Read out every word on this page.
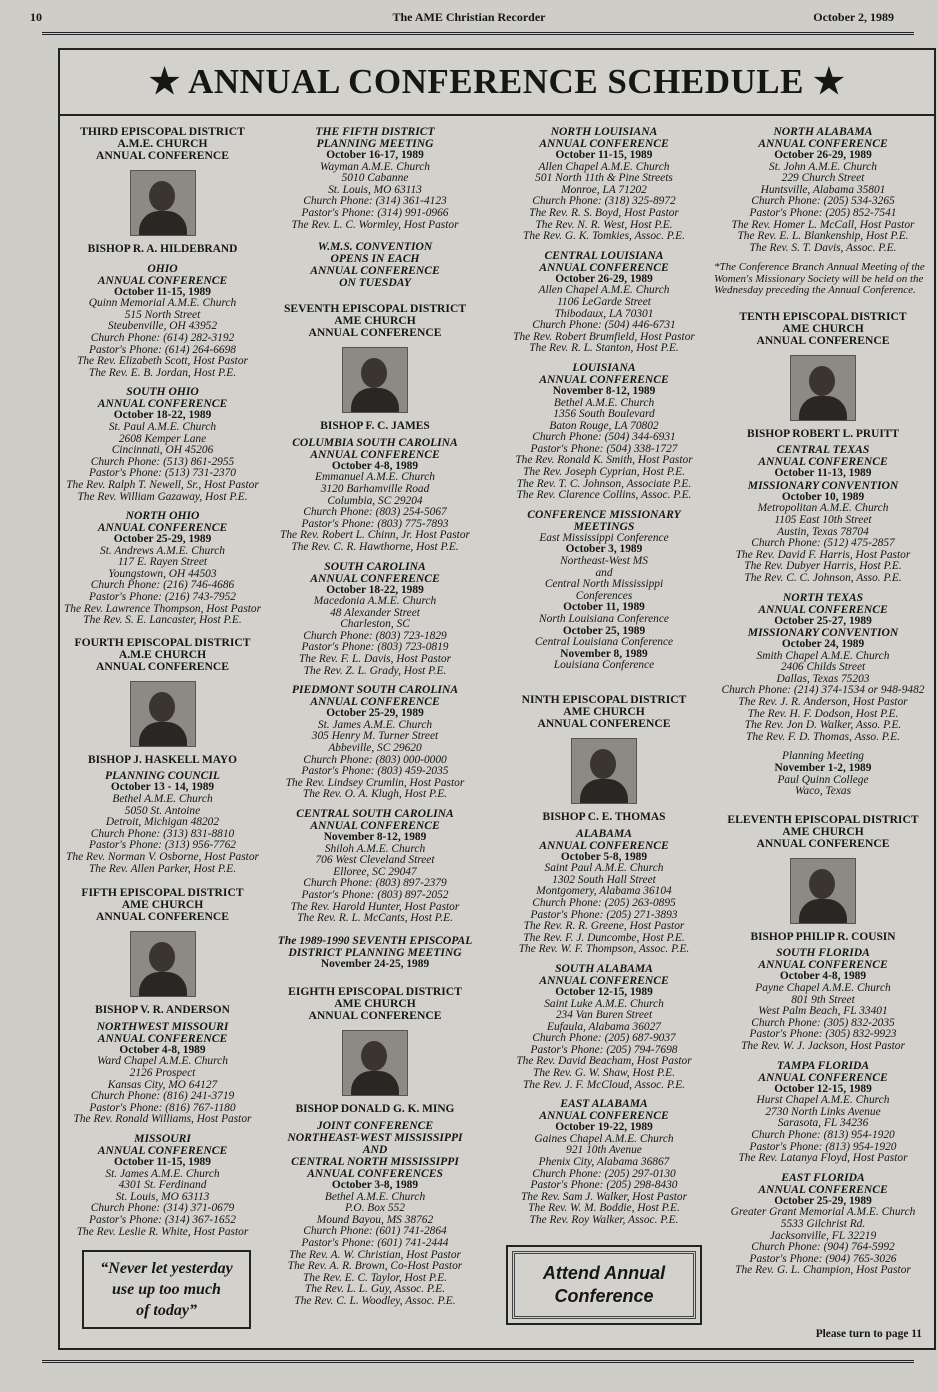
10	The AME Christian Recorder	October 2, 1989
★ ANNUAL CONFERENCE SCHEDULE ★
THIRD EPISCOPAL DISTRICT
A.M.E. CHURCH
ANNUAL CONFERENCE
BISHOP R. A. HILDEBRAND
OHIO
ANNUAL CONFERENCE
October 11-15, 1989
Quinn Memorial A.M.E. Church
515 North Street
Steubenville, OH 43952
Church Phone: (614) 282-3192
Pastor's Phone: (614) 264-6698
The Rev. Elizabeth Scott, Host Pastor
The Rev. E. B. Jordan, Host P.E.
SOUTH OHIO
ANNUAL CONFERENCE
October 18-22, 1989
St. Paul A.M.E. Church
2608 Kemper Lane
Cincinnati, OH 45206
Church Phone: (513) 861-2955
Pastor's Phone: (513) 731-2370
The Rev. Ralph T. Newell, Sr., Host Pastor
The Rev. William Gazaway, Host P.E.
NORTH OHIO
ANNUAL CONFERENCE
October 25-29, 1989
St. Andrews A.M.E. Church
117 E. Rayen Street
Youngstown, OH 44503
Church Phone: (216) 746-4686
Pastor's Phone: (216) 743-7952
The Rev. Lawrence Thompson, Host Pastor
The Rev. S. E. Lancaster, Host P.E.
FOURTH EPISCOPAL DISTRICT
A.M.E CHURCH
ANNUAL CONFERENCE
BISHOP J. HASKELL MAYO
PLANNING COUNCIL
October 13 - 14, 1989
Bethel A.M.E. Church
5050 St. Antoine
Detroit, Michigan 48202
Church Phone: (313) 831-8810
Pastor's Phone: (313) 956-7762
The Rev. Norman V. Osborne, Host Pastor
The Rev. Allen Parker, Host P.E.
FIFTH EPISCOPAL DISTRICT
AME CHURCH
ANNUAL CONFERENCE
BISHOP V. R. ANDERSON
NORTHWEST MISSOURI
ANNUAL CONFERENCE
October 4-8, 1989
Ward Chapel A.M.E. Church
2126 Prospect
Kansas City, MO 64127
Church Phone: (816) 241-3719
Pastor's Phone: (816) 767-1180
The Rev. Ronald Williams, Host Pastor
MISSOURI
ANNUAL CONFERENCE
October 11-15, 1989
St. James A.M.E. Church
4301 St. Ferdinand
St. Louis, MO 63113
Church Phone: (314) 371-0679
Pastor's Phone: (314) 367-1652
The Rev. Leslie R. White, Host Pastor
“Never let yesterday
use up too much
of today”
THE FIFTH DISTRICT
PLANNING MEETING
October 16-17, 1989
Wayman A.M.E. Church
5010 Cabanne
St. Louis, MO 63113
Church Phone: (314) 361-4123
Pastor's Phone: (314) 991-0966
The Rev. L. C. Wormley, Host Pastor
W.M.S. CONVENTION
OPENS IN EACH
ANNUAL CONFERENCE
ON TUESDAY
SEVENTH EPISCOPAL DISTRICT
AME CHURCH
ANNUAL CONFERENCE
BISHOP F. C. JAMES
COLUMBIA SOUTH CAROLINA
ANNUAL CONFERENCE
October 4-8, 1989
Emmanuel A.M.E. Church
3120 Barhamville Road
Columbia, SC 29204
Church Phone: (803) 254-5067
Pastor's Phone: (803) 775-7893
The Rev. Robert L. Chinn, Jr. Host Pastor
The Rev. C. R. Hawthorne, Host P.E.
SOUTH CAROLINA
ANNUAL CONFERENCE
October 18-22, 1989
Macedonia A.M.E. Church
48 Alexander Street
Charleston, SC
Church Phone: (803) 723-1829
Pastor's Phone: (803) 723-0819
The Rev. F. L. Davis, Host Pastor
The Rev. Z. L. Grady, Host P.E.
PIEDMONT SOUTH CAROLINA
ANNUAL CONFERENCE
October 25-29, 1989
St. James A.M.E. Church
305 Henry M. Turner Street
Abbeville, SC 29620
Church Phone: (803) 000-0000
Pastor's Phone: (803) 459-2035
The Rev. Lindsey Crumlin, Host Pastor
The Rev. O. A. Klugh, Host P.E.
CENTRAL SOUTH CAROLINA
ANNUAL CONFERENCE
November 8-12, 1989
Shiloh A.M.E. Church
706 West Cleveland Street
Elloree, SC 29047
Church Phone: (803) 897-2379
Pastor's Phone: (803) 897-2052
The Rev. Harold Hunter, Host Pastor
The Rev. R. L. McCants, Host P.E.
The 1989-1990 SEVENTH EPISCOPAL
DISTRICT PLANNING MEETING
November 24-25, 1989
EIGHTH EPISCOPAL DISTRICT
AME CHURCH
ANNUAL CONFERENCE
BISHOP DONALD G. K. MING
JOINT CONFERENCE
NORTHEAST-WEST MISSISSIPPI
AND
CENTRAL NORTH MISSISSIPPI
ANNUAL CONFERENCES
October 3-8, 1989
Bethel A.M.E. Church
P.O. Box 552
Mound Bayou, MS 38762
Church Phone: (601) 741-2864
Pastor's Phone: (601) 741-2444
The Rev. A. W. Christian, Host Pastor
The Rev. A. R. Brown, Co-Host Pastor
The Rev. E. C. Taylor, Host P.E.
The Rev. L. L. Guy, Assoc. P.E.
The Rev. C. L. Woodley, Assoc. P.E.
NORTH LOUISIANA
ANNUAL CONFERENCE
October 11-15, 1989
Allen Chapel A.M.E. Church
501 North 11th & Pine Streets
Monroe, LA 71202
Church Phone: (318) 325-8972
The Rev. R. S. Boyd, Host Pastor
The Rev. N. R. West, Host P.E.
The Rev. G. K. Tomkies, Assoc. P.E.
CENTRAL LOUISIANA
ANNUAL CONFERENCE
October 26-29, 1989
Allen Chapel A.M.E. Church
1106 LeGarde Street
Thibodaux, LA 70301
Church Phone: (504) 446-6731
The Rev. Robert Brumfield, Host Pastor
The Rev. R. L. Stanton, Host P.E.
LOUISIANA
ANNUAL CONFERENCE
November 8-12, 1989
Bethel A.M.E. Church
1356 South Boulevard
Baton Rouge, LA 70802
Church Phone: (504) 344-6931
Pastor's Phone: (504) 338-1727
The Rev. Ronald K. Smith, Host Pastor
The Rev. Joseph Cyprian, Host P.E.
The Rev. T. C. Johnson, Associate P.E.
The Rev. Clarence Collins, Assoc. P.E.
CONFERENCE MISSIONARY
MEETINGS
East Mississippi Conference
October 3, 1989
Northeast-West MS
and
Central North Mississippi
Conferences
October 11, 1989
North Louisiana Conference
October 25, 1989
Central Louisiana Conference
November 8, 1989
Louisiana Conference
NINTH EPISCOPAL DISTRICT
AME CHURCH
ANNUAL CONFERENCE
BISHOP C. E. THOMAS
ALABAMA
ANNUAL CONFERENCE
October 5-8, 1989
Saint Paul A.M.E. Church
1302 South Hall Street
Montgomery, Alabama 36104
Church Phone: (205) 263-0895
Pastor's Phone: (205) 271-3893
The Rev. R. R. Greene, Host Pastor
The Rev. F. J. Duncombe, Host P.E.
The Rev. W. F. Thompson, Assoc. P.E.
SOUTH ALABAMA
ANNUAL CONFERENCE
October 12-15, 1989
Saint Luke A.M.E. Church
234 Van Buren Street
Eufaula, Alabama 36027
Church Phone: (205) 687-9037
Pastor's Phone: (205) 794-7698
The Rev. David Beacham, Host Pastor
The Rev. G. W. Shaw, Host P.E.
The Rev. J. F. McCloud, Assoc. P.E.
EAST ALABAMA
ANNUAL CONFERENCE
October 19-22, 1989
Gaines Chapel A.M.E. Church
921 10th Avenue
Phenix City, Alabama 36867
Church Phone: (205) 297-0130
Pastor's Phone: (205) 298-8430
The Rev. Sam J. Walker, Host Pastor
The Rev. W. M. Boddie, Host P.E.
The Rev. Roy Walker, Assoc. P.E.
Attend Annual
Conference
NORTH ALABAMA
ANNUAL CONFERENCE
October 26-29, 1989
St. John A.M.E. Church
229 Church Street
Huntsville, Alabama 35801
Church Phone: (205) 534-3265
Pastor's Phone: (205) 852-7541
The Rev. Homer L. McCall, Host Pastor
The Rev. E. L. Blankenship, Host P.E.
The Rev. S. T. Davis, Assoc. P.E.
*The Conference Branch Annual Meeting of the Women's Missionary Society will be held on the Wednesday preceding the Annual Conference.
TENTH EPISCOPAL DISTRICT
AME CHURCH
ANNUAL CONFERENCE
BISHOP ROBERT L. PRUITT
CENTRAL TEXAS
ANNUAL CONFERENCE
October 11-13, 1989
MISSIONARY CONVENTION
October 10, 1989
Metropolitan A.M.E. Church
1105 East 10th Street
Austin, Texas 78704
Church Phone: (512) 475-2857
The Rev. David F. Harris, Host Pastor
The Rev. Dubyer Harris, Host P.E.
The Rev. C. C. Johnson, Asso. P.E.
NORTH TEXAS
ANNUAL CONFERENCE
October 25-27, 1989
MISSIONARY CONVENTION
October 24, 1989
Smith Chapel A.M.E. Church
2406 Childs Street
Dallas, Texas 75203
Church Phone: (214) 374-1534 or 948-9482
The Rev. J. R. Anderson, Host Pastor
The Rev. H. F. Dodson, Host P.E.
The Rev. Jon D. Walker, Asso. P.E.
The Rev. F. D. Thomas, Asso. P.E.
Planning Meeting
November 1-2, 1989
Paul Quinn College
Waco, Texas
ELEVENTH EPISCOPAL DISTRICT
AME CHURCH
ANNUAL CONFERENCE
BISHOP PHILIP R. COUSIN
SOUTH FLORIDA
ANNUAL CONFERENCE
October 4-8, 1989
Payne Chapel A.M.E. Church
801 9th Street
West Palm Beach, FL 33401
Church Phone: (305) 832-2035
Pastor's Phone: (305) 832-9923
The Rev. W. J. Jackson, Host Pastor
TAMPA FLORIDA
ANNUAL CONFERENCE
October 12-15, 1989
Hurst Chapel A.M.E. Church
2730 North Links Avenue
Sarasota, FL 34236
Church Phone: (813) 954-1920
Pastor's Phone: (813) 954-1920
The Rev. Latanya Floyd, Host Pastor
EAST FLORIDA
ANNUAL CONFERENCE
October 25-29, 1989
Greater Grant Memorial A.M.E. Church
5533 Gilchrist Rd.
Jacksonville, FL 32219
Church Phone: (904) 764-5992
Pastor's Phone: (904) 765-3026
The Rev. G. L. Champion, Host Pastor
Please turn to page 11
